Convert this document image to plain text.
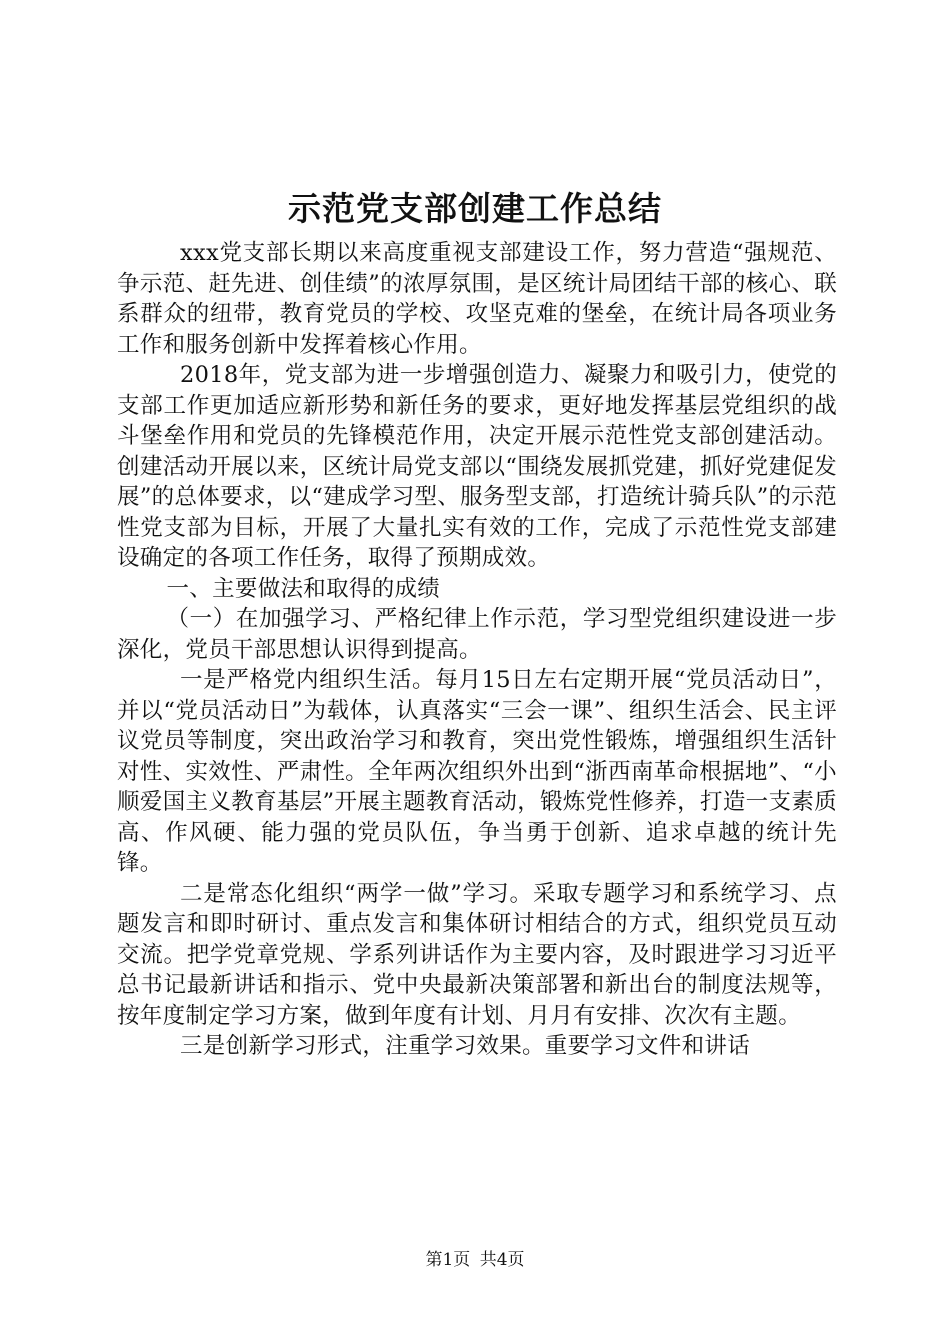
示范党支部创建工作总结

xxx党支部长期以来高度重视支部建设工作，努力营造“强规范、争示范、赶先进、创佳绩”的浓厚氛围，是区统计局团结干部的核心、联系群众的纽带，教育党员的学校、攻坚克难的堡垒，在统计局各项业务工作和服务创新中发挥着核心作用。

2018年，党支部为进一步增强创造力、凝聚力和吸引力，使党的支部工作更加适应新形势和新任务的要求，更好地发挥基层党组织的战斗堡垒作用和党员的先锋模范作用，决定开展示范性党支部创建活动。创建活动开展以来，区统计局党支部以“围绕发展抓党建，抓好党建促发展”的总体要求，以“建成学习型、服务型支部，打造统计骑兵队”的示范性党支部为目标，开展了大量扎实有效的工作，完成了示范性党支部建设确定的各项工作任务，取得了预期成效。

一、主要做法和取得的成绩

（一）在加强学习、严格纪律上作示范，学习型党组织建设进一步深化，党员干部思想认识得到提高。

一是严格党内组织生活。每月15日左右定期开展“党员活动日”，并以“党员活动日”为载体，认真落实“三会一课”、组织生活会、民主评议党员等制度，突出政治学习和教育，突出党性锻炼，增强组织生活针对性、实效性、严肃性。全年两次组织外出到“浙西南革命根据地”、“小顺爱国主义教育基层”开展主题教育活动，锻炼党性修养，打造一支素质高、作风硬、能力强的党员队伍，争当勇于创新、追求卓越的统计先锋。

二是常态化组织“两学一做”学习。采取专题学习和系统学习、点题发言和即时研讨、重点发言和集体研讨相结合的方式，组织党员互动交流。把学党章党规、学系列讲话作为主要内容，及时跟进学习习近平总书记最新讲话和指示、党中央最新决策部署和新出台的制度法规等，按年度制定学习方案，做到年度有计划、月月有安排、次次有主题。

三是创新学习形式，注重学习效果。重要学习文件和讲话

第1页 共4页
